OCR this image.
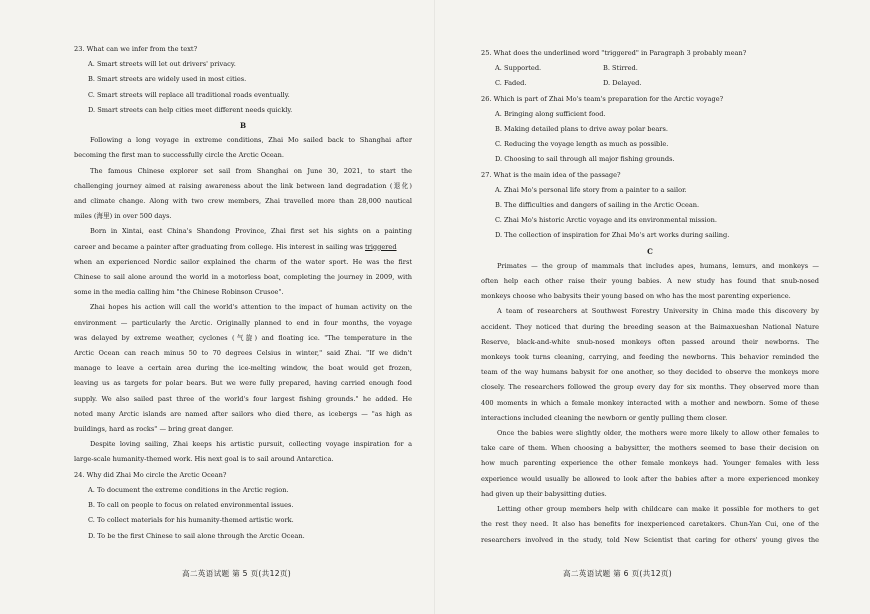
23. What can we infer from the text?
A. Smart streets will let out drivers' privacy.
B. Smart streets are widely used in most cities.
C. Smart streets will replace all traditional roads eventually.
D. Smart streets can help cities meet different needs quickly.
B
Following a long voyage in extreme conditions, Zhai Mo sailed back to Shanghai after
becoming the first man to successfully circle the Arctic Ocean.
The famous Chinese explorer set sail from Shanghai on June 30, 2021, to start the
challenging journey aimed at raising awareness about the link between land degradation (退化)
and climate change. Along with two crew members, Zhai travelled more than 28,000 nautical
miles (海里) in over 500 days.
Born in Xintai, east China's Shandong Province, Zhai first set his sights on a painting
career and became a painter after graduating from college. His interest in sailing was triggered
when an experienced Nordic sailor explained the charm of the water sport. He was the first
Chinese to sail alone around the world in a motorless boat, completing the journey in 2009, with
some in the media calling him "the Chinese Robinson Crusoe".
Zhai hopes his action will call the world's attention to the impact of human activity on the
environment — particularly the Arctic. Originally planned to end in four months, the voyage
was delayed by extreme weather, cyclones (气旋) and floating ice. "The temperature in the
Arctic Ocean can reach minus 50 to 70 degrees Celsius in winter," said Zhai. "If we didn't
manage to leave a certain area during the ice-melting window, the boat would get frozen,
leaving us as targets for polar bears. But we were fully prepared, having carried enough food
supply. We also sailed past three of the world's four largest fishing grounds." he added. He
noted many Arctic islands are named after sailors who died there, as icebergs — "as high as
buildings, hard as rocks" — bring great danger.
Despite loving sailing, Zhai keeps his artistic pursuit, collecting voyage inspiration for a
large-scale humanity-themed work. His next goal is to sail around Antarctica.
24. Why did Zhai Mo circle the Arctic Ocean?
A. To document the extreme conditions in the Arctic region.
B. To call on people to focus on related environmental issues.
C. To collect materials for his humanity-themed artistic work.
D. To be the first Chinese to sail alone through the Arctic Ocean.
高二英语试题 第 5 页(共12页)
25. What does the underlined word "triggered" in Paragraph 3 probably mean?
A. Supported.	B. Stirred.
C. Faded.	D. Delayed.
26. Which is part of Zhai Mo's team's preparation for the Arctic voyage?
A. Bringing along sufficient food.
B. Making detailed plans to drive away polar bears.
C. Reducing the voyage length as much as possible.
D. Choosing to sail through all major fishing grounds.
27. What is the main idea of the passage?
A. Zhai Mo's personal life story from a painter to a sailor.
B. The difficulties and dangers of sailing in the Arctic Ocean.
C. Zhai Mo's historic Arctic voyage and its environmental mission.
D. The collection of inspiration for Zhai Mo's art works during sailing.
C
Primates — the group of mammals that includes apes, humans, lemurs, and monkeys —
often help each other raise their young babies. A new study has found that snub-nosed
monkeys choose who babysits their young based on who has the most parenting experience.
A team of researchers at Southwest Forestry University in China made this discovery by
accident. They noticed that during the breeding season at the Baimaxueshan National Nature
Reserve, black-and-white snub-nosed monkeys often passed around their newborns. The
monkeys took turns cleaning, carrying, and feeding the newborns. This behavior reminded the
team of the way humans babysit for one another, so they decided to observe the monkeys more
closely. The researchers followed the group every day for six months. They observed more than
400 moments in which a female monkey interacted with a mother and newborn. Some of these
interactions included cleaning the newborn or gently pulling them closer.
Once the babies were slightly older, the mothers were more likely to allow other females to
take care of them. When choosing a babysitter, the mothers seemed to base their decision on
how much parenting experience the other female monkeys had. Younger females with less
experience would usually be allowed to look after the babies after a more experienced monkey
had given up their babysitting duties.
Letting other group members help with childcare can make it possible for mothers to get
the rest they need. It also has benefits for inexperienced caretakers. Chun-Yan Cui, one of the
researchers involved in the study, told New Scientist that caring for others' young gives the
高二英语试题 第 6 页(共12页)
